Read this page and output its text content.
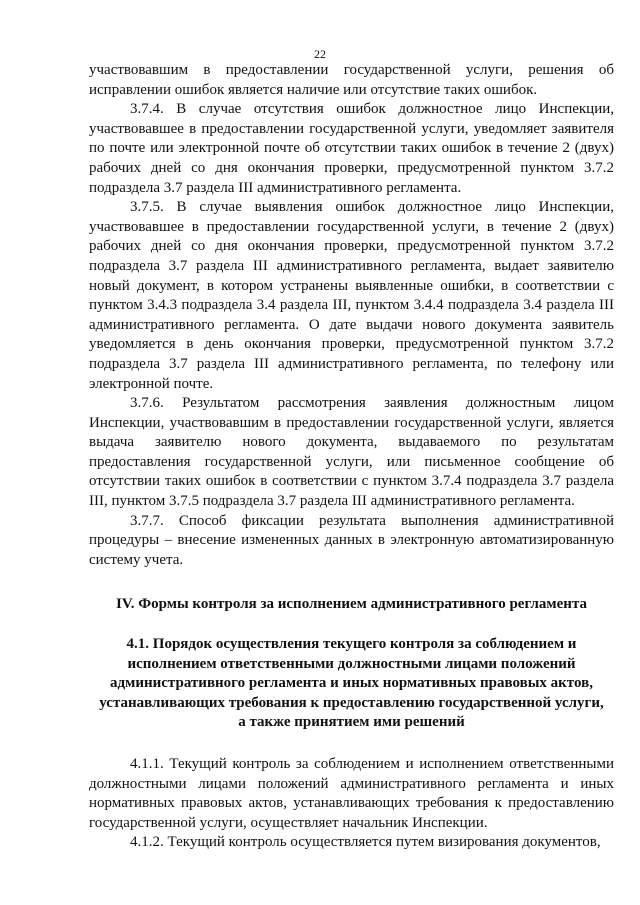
22

участвовавшим в предоставлении государственной услуги, решения об исправлении ошибок является наличие или отсутствие таких ошибок.

3.7.4. В случае отсутствия ошибок должностное лицо Инспекции, участвовавшее в предоставлении государственной услуги, уведомляет заявителя по почте или электронной почте об отсутствии таких ошибок в течение 2 (двух) рабочих дней со дня окончания проверки, предусмотренной пунктом 3.7.2 подраздела 3.7 раздела III административного регламента.

3.7.5. В случае выявления ошибок должностное лицо Инспекции, участвовавшее в предоставлении государственной услуги, в течение 2 (двух) рабочих дней со дня окончания проверки, предусмотренной пунктом 3.7.2 подраздела 3.7 раздела III административного регламента, выдает заявителю новый документ, в котором устранены выявленные ошибки, в соответствии с пунктом 3.4.3 подраздела 3.4 раздела III, пунктом 3.4.4 подраздела 3.4 раздела III административного регламента. О дате выдачи нового документа заявитель уведомляется в день окончания проверки, предусмотренной пунктом 3.7.2 подраздела 3.7 раздела III административного регламента, по телефону или электронной почте.

3.7.6. Результатом рассмотрения заявления должностным лицом Инспекции, участвовавшим в предоставлении государственной услуги, является выдача заявителю нового документа, выдаваемого по результатам предоставления государственной услуги, или письменное сообщение об отсутствии таких ошибок в соответствии с пунктом 3.7.4 подраздела 3.7 раздела III, пунктом 3.7.5 подраздела 3.7 раздела III административного регламента.

3.7.7. Способ фиксации результата выполнения административной процедуры – внесение измененных данных в электронную автоматизированную систему учета.

IV. Формы контроля за исполнением административного регламента
4.1. Порядок осуществления текущего контроля за соблюдением и исполнением ответственными должностными лицами положений административного регламента и иных нормативных правовых актов, устанавливающих требования к предоставлению государственной услуги, а также принятием ими решений

4.1.1. Текущий контроль за соблюдением и исполнением ответственными должностными лицами положений административного регламента и иных нормативных правовых актов, устанавливающих требования к предоставлению государственной услуги, осуществляет начальник Инспекции.

4.1.2. Текущий контроль осуществляется путем визирования документов,
